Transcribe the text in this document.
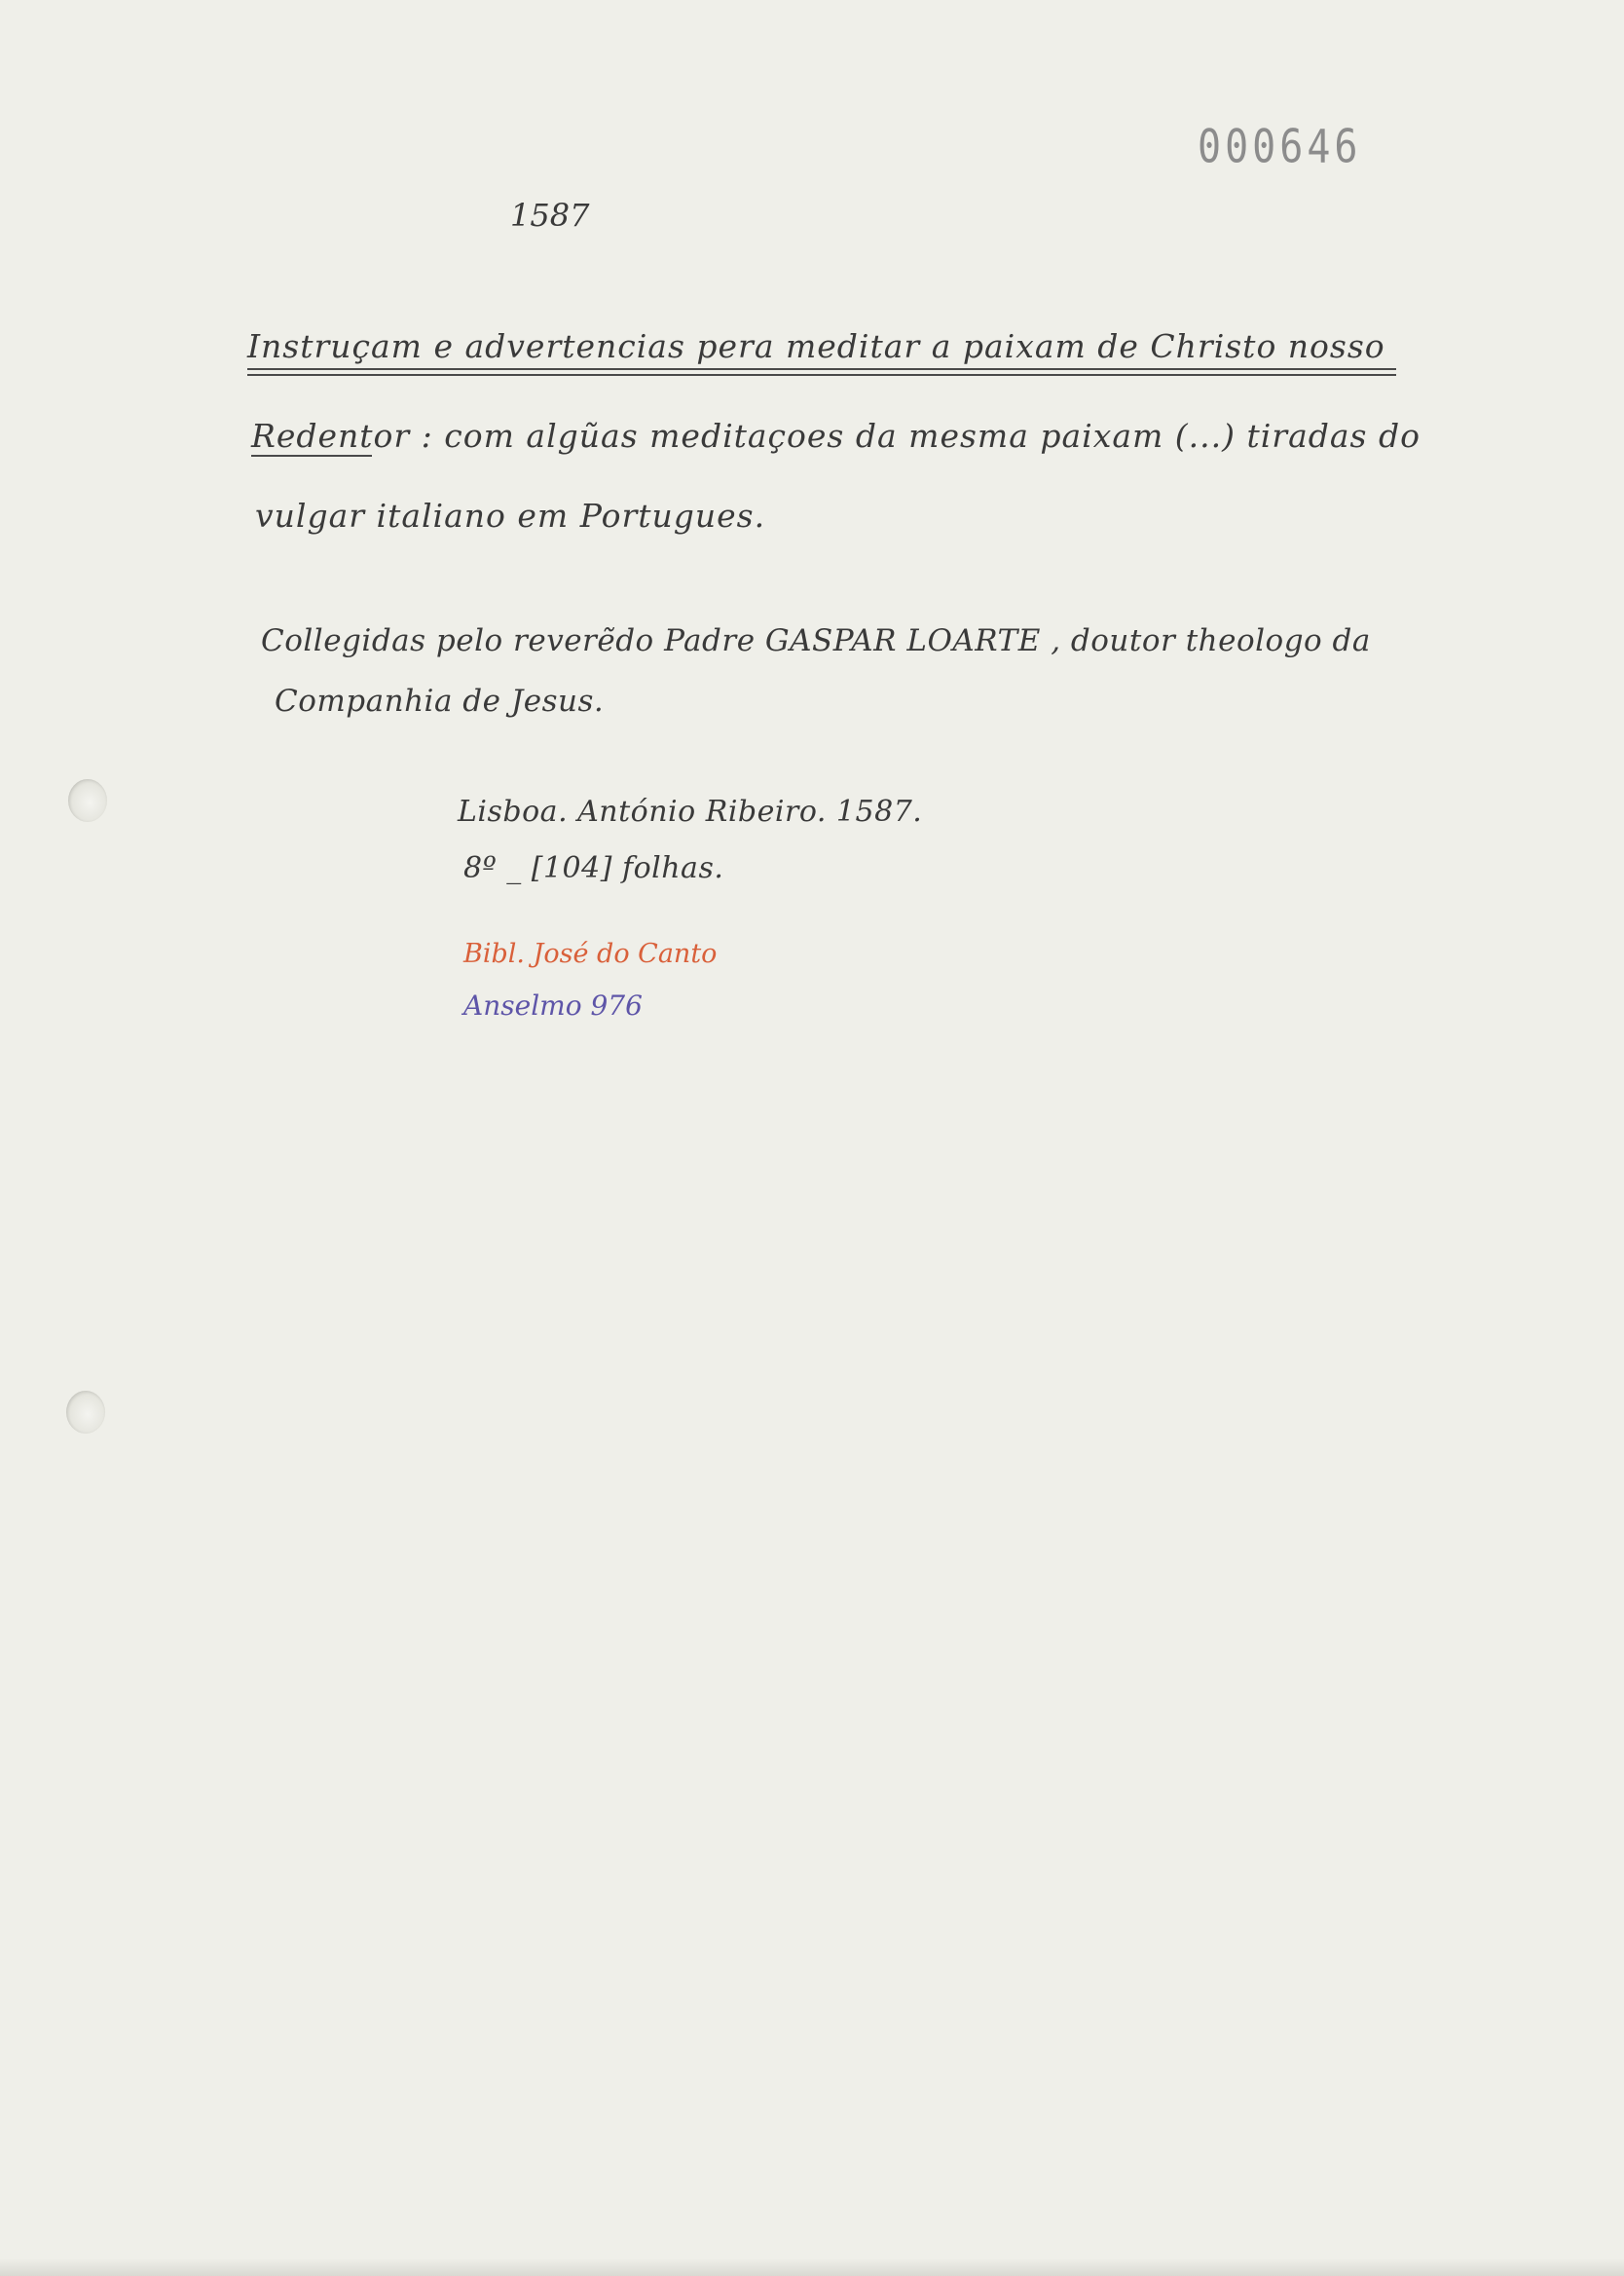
000646
1587
Instruçam e advertencias pera meditar a paixam de Christo nosso
Redentor : com algũas meditaçoes da mesma paixam (...) tiradas do
vulgar italiano em Portugues.
Collegidas pelo reverẽdo Padre GASPAR LOARTE , doutor theologo da
Companhia de Jesus.
Lisboa. António Ribeiro. 1587.
8º _ [104] folhas.
Bibl. José do Canto
Anselmo 976
